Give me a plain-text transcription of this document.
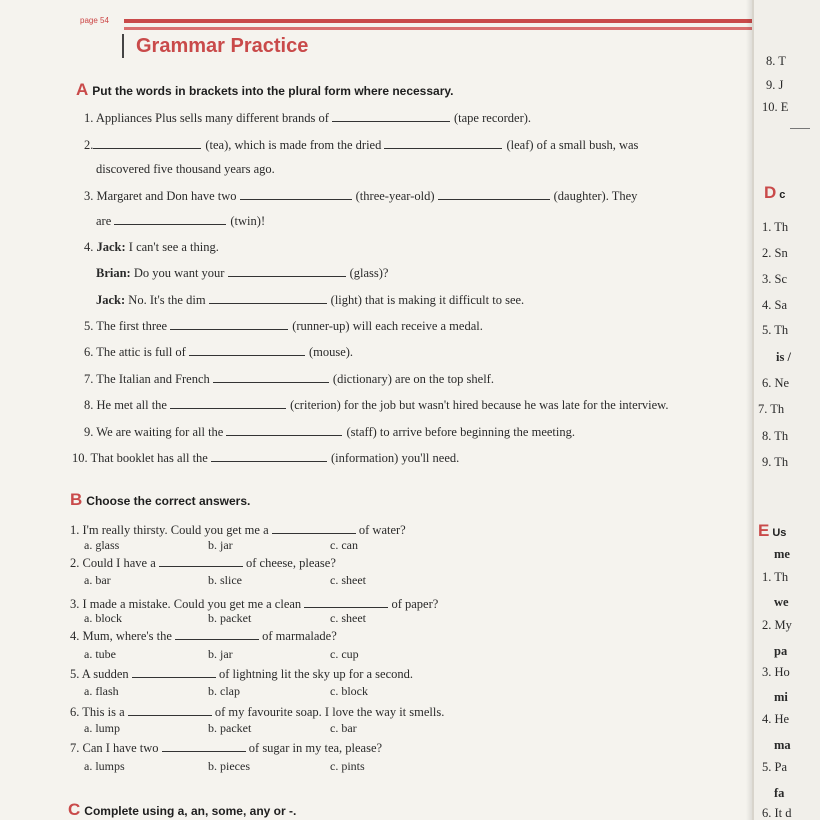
page 54
Grammar Practice
A Put the words in brackets into the plural form where necessary.
1. Appliances Plus sells many different brands of	(tape recorder).
2.	(tea), which is made from the dried	(leaf) of a small bush, was
discovered five thousand years ago.
3. Margaret and Don have two	(three-year-old)	(daughter). They
are	(twin)!
4. Jack: I can't see a thing.
Brian: Do you want your	(glass)?
Jack: No. It's the dim	(light) that is making it difficult to see.
5. The first three	(runner-up) will each receive a medal.
6. The attic is full of	(mouse).
7. The Italian and French	(dictionary) are on the top shelf.
8. He met all the	(criterion) for the job but wasn't hired because he was late for the interview.
9. We are waiting for all the	(staff) to arrive before beginning the meeting.
10. That booklet has all the	(information) you'll need.
B Choose the correct answers.
1. I'm really thirsty. Could you get me a	of water?
a. glass	b. jar	c. can
2. Could I have a	of cheese, please?
a. bar	b. slice	c. sheet
3. I made a mistake. Could you get me a clean	of paper?
a. block	b. packet	c. sheet
4. Mum, where's the	of marmalade?
a. tube	b. jar	c. cup
5. A sudden	of lightning lit the sky up for a second.
a. flash	b. clap	c. block
6. This is a	of my favourite soap. I love the way it smells.
a. lump	b. packet	c. bar
7. Can I have two	of sugar in my tea, please?
a. lumps	b. pieces	c. pints
C Complete using a, an, some, any or -.
8. T
9. J
10. E
Dc
1. Th
2. Sn
3. Sc
4. Sa
5. Th
is /
6. Ne
7. Th
8. Th
9. Th
E Us
me
1. Th
we
2. My
pa
3. Ho
mi
4. He
ma
5. Pa
fa
6. It d
